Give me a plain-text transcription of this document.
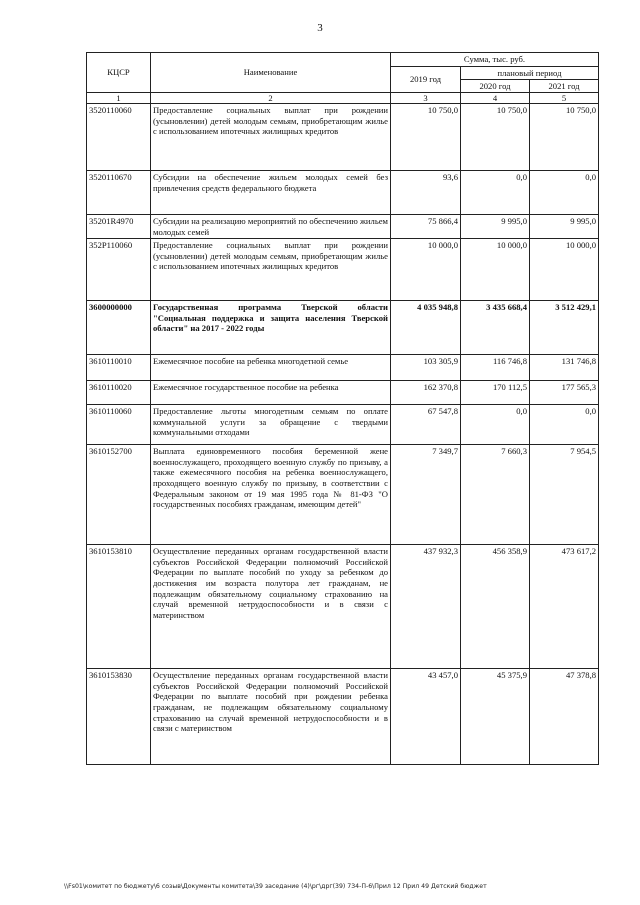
3
КЦСР	Наименование	Сумма, тыс. руб.		
		2019 год	плановый период	
			2020 год	2021 год
1	2	3	4	5
3520110060	Предоставление социальных выплат при рождении (усыновлении) детей молодым семьям, приобретающим жилье с использованием ипотечных жилищных кредитов	10 750,0	10 750,0	10 750,0
3520110670	Субсидии на обеспечение жильем молодых семей без привлечения средств федерального бюджета	93,6	0,0	0,0
35201R4970	Субсидии на реализацию мероприятий по обеспечению жильем молодых семей	75 866,4	9 995,0	9 995,0
352P110060	Предоставление социальных выплат при рождении (усыновлении) детей молодым семьям, приобретающим жилье с использованием ипотечных жилищных кредитов	10 000,0	10 000,0	10 000,0
3600000000	Государственная программа Тверской области "Социальная поддержка и защита населения Тверской области" на 2017 - 2022 годы	4 035 948,8	3 435 668,4	3 512 429,1
3610110010	Ежемесячное пособие на ребенка многодетной семье	103 305,9	116 746,8	131 746,8
3610110020	Ежемесячное государственное пособие на ребенка	162 370,8	170 112,5	177 565,3
3610110060	Предоставление льготы многодетным семьям по оплате коммунальной услуги за обращение с твердыми коммунальными отходами	67 547,8	0,0	0,0
3610152700	Выплата единовременного пособия беременной жене военнослужащего, проходящего военную службу по призыву, а также ежемесячного пособия на ребенка военнослужащего, проходящего военную службу по призыву, в соответствии с Федеральным законом от 19 мая 1995 года № 81-ФЗ "О государственных пособиях гражданам, имеющим детей"	7 349,7	7 660,3	7 954,5
3610153810	Осуществление переданных органам государственной власти субъектов Российской Федерации полномочий Российской Федерации по выплате пособий по уходу за ребенком до достижения им возраста полутора лет гражданам, не подлежащим обязательному социальному страхованию на случай временной нетрудоспособности и в связи с материнством	437 932,3	456 358,9	473 617,2
3610153830	Осуществление переданных органам государственной власти субъектов Российской Федерации полномочий Российской Федерации по выплате пособий при рождении ребенка гражданам, не подлежащим обязательному социальному страхованию на случай временной нетрудоспособности и в связи с материнством	43 457,0	45 375,9	47 378,8
\\Fs01\комитет по бюджету\6 созыв\Документы комитета\39 заседание (4)\рг\дрг(39) 734-П-6\Прил 12 Прил 49 Детский бюджет
